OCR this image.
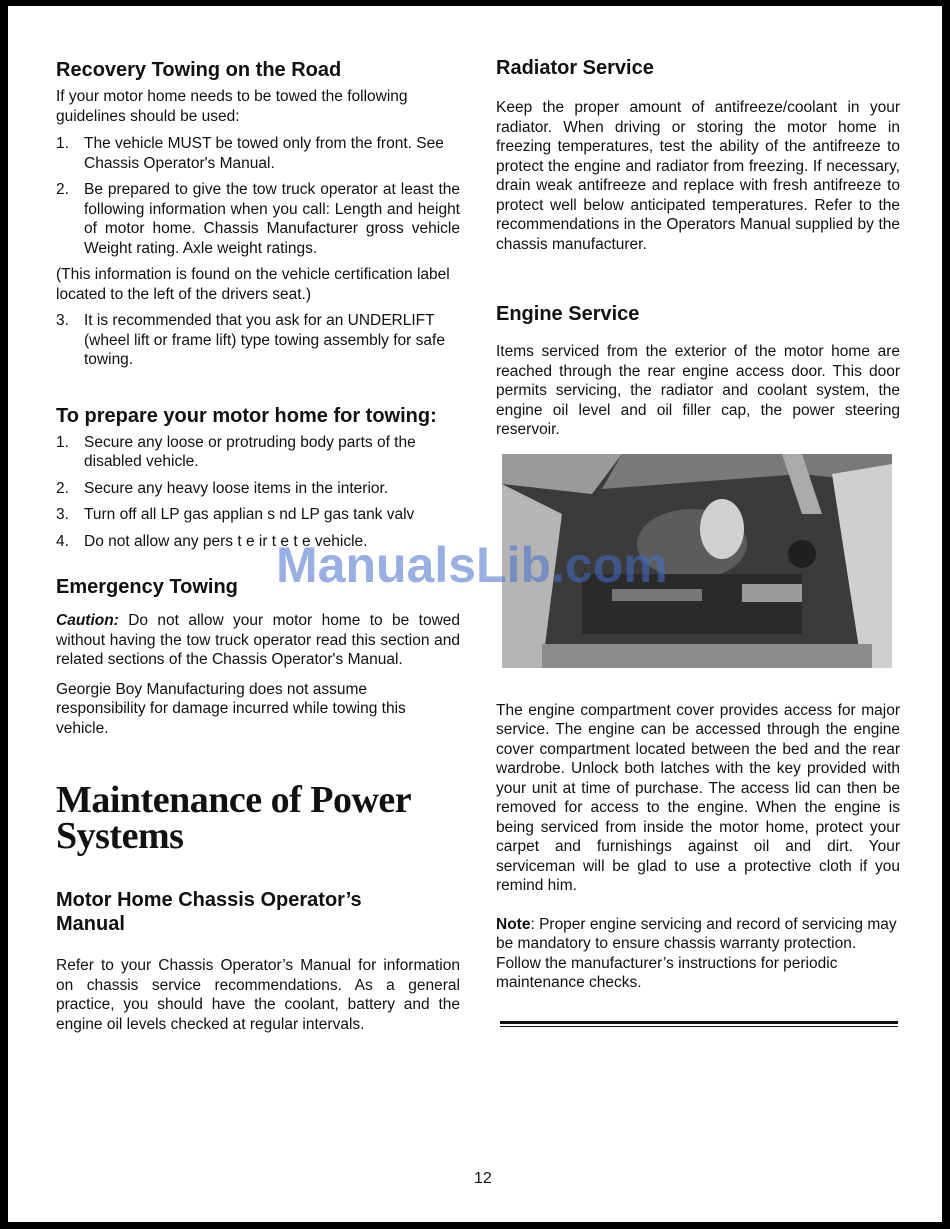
Recovery Towing on the Road

If your motor home needs to be towed the following guidelines should be used:

1. The vehicle MUST be towed only from the front. See Chassis Operator's Manual.
2. Be prepared to give the tow truck operator at least the following information when you call: Length and height of motor home. Chassis Manufacturer gross vehicle Weight rating. Axle weight ratings.

(This information is found on the vehicle certification label located to the left of the drivers seat.)

3. It is recommended that you ask for an UNDERLIFT (wheel lift or frame lift) type towing assembly for safe towing.
To prepare your motor home for towing:
1. Secure any loose or protruding body parts of the disabled vehicle.
2. Secure any heavy loose items in the interior.
3. Turn off all LP gas applian s nd LP gas tank valv
4. Do not allow any pers t e ir t e t e vehicle.
Emergency Towing

Caution: Do not allow your motor home to be towed without having the tow truck operator read this section and related sections of the Chassis Operator's Manual.

Georgie Boy Manufacturing does not assume responsibility for damage incurred while towing this vehicle.

Maintenance of Power Systems
Motor Home Chassis Operator’s Manual

Refer to your Chassis Operator’s Manual for information on chassis service recommendations. As a general practice, you should have the coolant, battery and the engine oil levels checked at regular intervals.

Radiator Service

Keep the proper amount of antifreeze/coolant in your radiator. When driving or storing the motor home in freezing temperatures, test the ability of the antifreeze to protect the engine and radiator from freezing. If necessary, drain weak antifreeze and replace with fresh antifreeze to protect well below anticipated temperatures. Refer to the recommendations in the Operators Manual supplied by the chassis manufacturer.

Engine Service

Items serviced from the exterior of the motor home are reached through the rear engine access door. This door permits servicing, the radiator and coolant system, the engine oil level and oil filler cap, the power steering reservoir.

The engine compartment cover provides access for major service. The engine can be accessed through the engine cover compartment located between the bed and the rear wardrobe. Unlock both latches with the key provided with your unit at time of purchase. The access lid can then be removed for access to the engine. When the engine is being serviced from inside the motor home, protect your carpet and furnishings against oil and dirt. Your serviceman will be glad to use a protective cloth if you remind him.

Note: Proper engine servicing and record of servicing may be mandatory to ensure chassis warranty protection. Follow the manufacturer’s instructions for periodic maintenance checks.

ManualsLib.com
12
